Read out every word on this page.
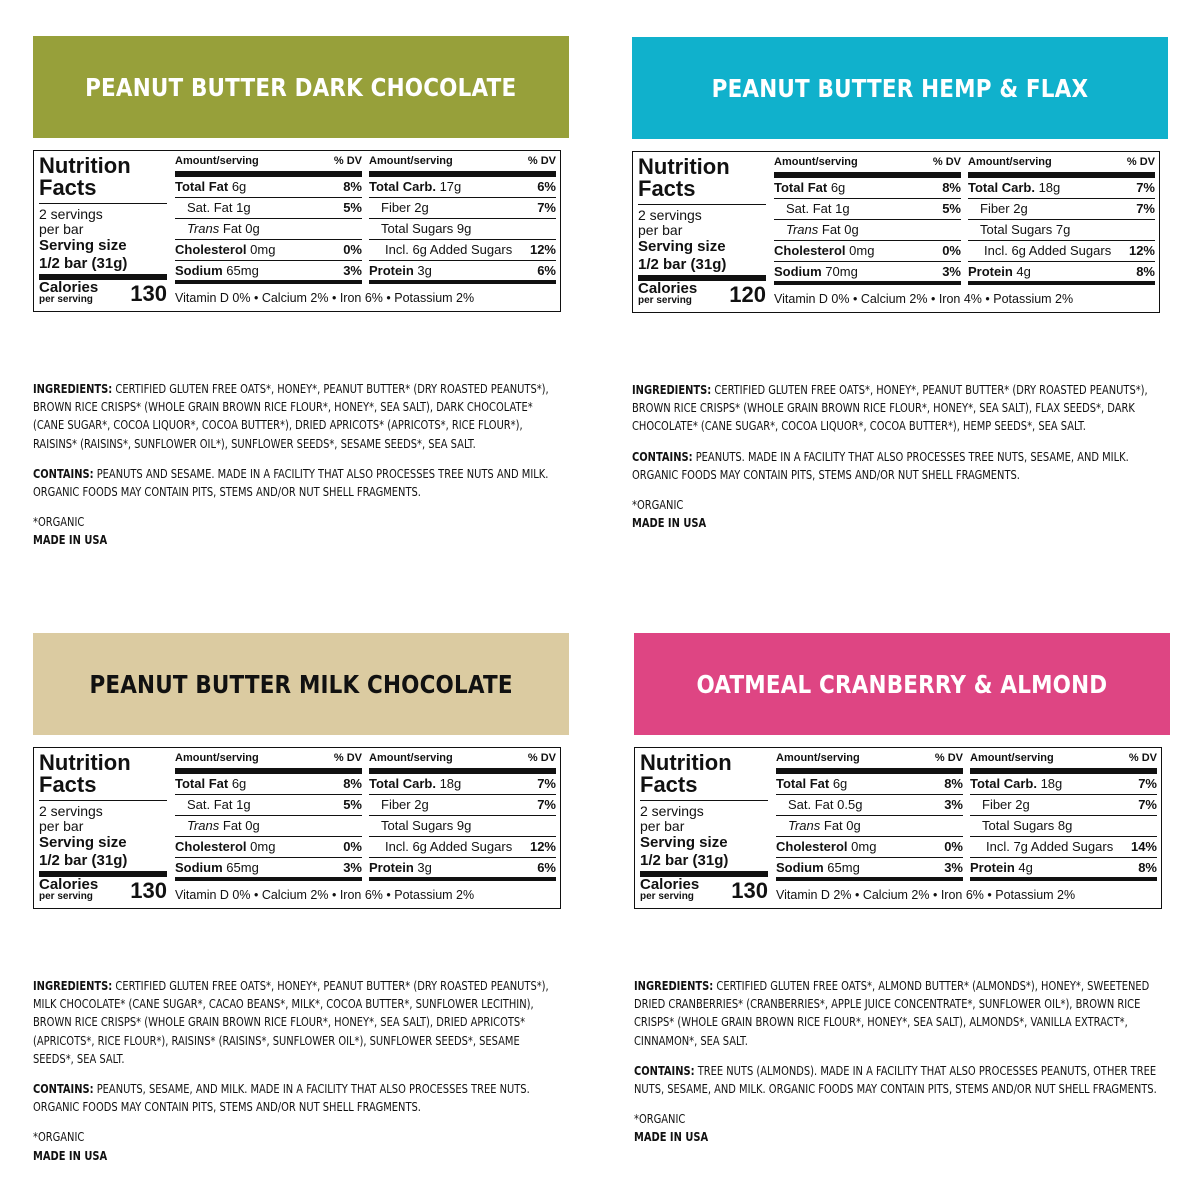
PEANUT BUTTER DARK CHOCOLATE
Nutrition
Facts
2 servings
per bar
Serving size
1/2 bar (31g)
Calories
per serving 130
Amount/serving	% DV
Total Fat 6g	8%
Sat. Fat 1g	5%
Trans Fat 0g
Cholesterol 0mg	0%
Sodium 65mg	3%
Amount/serving	% DV
Total Carb. 17g	6%
Fiber 2g	7%
Total Sugars 9g
Incl. 6g Added Sugars 12%
Protein 3g	6%
Vitamin D 0% • Calcium 2% • Iron 6% • Potassium 2%

INGREDIENTS: CERTIFIED GLUTEN FREE OATS*, HONEY*, PEANUT BUTTER* (DRY ROASTED PEANUTS*), BROWN RICE CRISPS* (WHOLE GRAIN BROWN RICE FLOUR*, HONEY*, SEA SALT), DARK CHOCOLATE* (CANE SUGAR*, COCOA LIQUOR*, COCOA BUTTER*), DRIED APRICOTS* (APRICOTS*, RICE FLOUR*), RAISINS* (RAISINS*, SUNFLOWER OIL*), SUNFLOWER SEEDS*, SESAME SEEDS*, SEA SALT.

CONTAINS: PEANUTS AND SESAME. MADE IN A FACILITY THAT ALSO PROCESSES TREE NUTS AND MILK. ORGANIC FOODS MAY CONTAIN PITS, STEMS AND/OR NUT SHELL FRAGMENTS.

*ORGANIC
MADE IN USA
PEANUT BUTTER HEMP & FLAX
Nutrition
Facts
2 servings
per bar
Serving size
1/2 bar (31g)
Calories
per serving 120
Amount/serving	% DV
Total Fat 6g	8%
Sat. Fat 1g	5%
Trans Fat 0g
Cholesterol 0mg	0%
Sodium 70mg	3%
Amount/serving	% DV
Total Carb. 18g	7%
Fiber 2g	7%
Total Sugars 7g
Incl. 6g Added Sugars 12%
Protein 4g	8%
Vitamin D 0% • Calcium 2% • Iron 4% • Potassium 2%

INGREDIENTS: CERTIFIED GLUTEN FREE OATS*, HONEY*, PEANUT BUTTER* (DRY ROASTED PEANUTS*), BROWN RICE CRISPS* (WHOLE GRAIN BROWN RICE FLOUR*, HONEY*, SEA SALT), FLAX SEEDS*, DARK CHOCOLATE* (CANE SUGAR*, COCOA LIQUOR*, COCOA BUTTER*), HEMP SEEDS*, SEA SALT.

CONTAINS: PEANUTS. MADE IN A FACILITY THAT ALSO PROCESSES TREE NUTS, SESAME, AND MILK. ORGANIC FOODS MAY CONTAIN PITS, STEMS AND/OR NUT SHELL FRAGMENTS.

*ORGANIC
MADE IN USA
PEANUT BUTTER MILK CHOCOLATE
Nutrition
Facts
2 servings
per bar
Serving size
1/2 bar (31g)
Calories
per serving 130
Amount/serving	% DV
Total Fat 6g	8%
Sat. Fat 1g	5%
Trans Fat 0g
Cholesterol 0mg	0%
Sodium 65mg	3%
Amount/serving	% DV
Total Carb. 18g	7%
Fiber 2g	7%
Total Sugars 9g
Incl. 6g Added Sugars 12%
Protein 3g	6%
Vitamin D 0% • Calcium 2% • Iron 6% • Potassium 2%

INGREDIENTS: CERTIFIED GLUTEN FREE OATS*, HONEY*, PEANUT BUTTER* (DRY ROASTED PEANUTS*), MILK CHOCOLATE* (CANE SUGAR*, CACAO BEANS*, MILK*, COCOA BUTTER*, SUNFLOWER LECITHIN), BROWN RICE CRISPS* (WHOLE GRAIN BROWN RICE FLOUR*, HONEY*, SEA SALT), DRIED APRICOTS* (APRICOTS*, RICE FLOUR*), RAISINS* (RAISINS*, SUNFLOWER OIL*), SUNFLOWER SEEDS*, SESAME SEEDS*, SEA SALT.

CONTAINS: PEANUTS, SESAME, AND MILK. MADE IN A FACILITY THAT ALSO PROCESSES TREE NUTS. ORGANIC FOODS MAY CONTAIN PITS, STEMS AND/OR NUT SHELL FRAGMENTS.

*ORGANIC
MADE IN USA
OATMEAL CRANBERRY & ALMOND
Nutrition
Facts
2 servings
per bar
Serving size
1/2 bar (31g)
Calories
per serving 130
Amount/serving	% DV
Total Fat 6g	8%
Sat. Fat 0.5g	3%
Trans Fat 0g
Cholesterol 0mg	0%
Sodium 65mg	3%
Amount/serving	% DV
Total Carb. 18g	7%
Fiber 2g	7%
Total Sugars 8g
Incl. 7g Added Sugars 14%
Protein 4g	8%
Vitamin D 2% • Calcium 2% • Iron 6% • Potassium 2%

INGREDIENTS: CERTIFIED GLUTEN FREE OATS*, ALMOND BUTTER* (ALMONDS*), HONEY*, SWEETENED DRIED CRANBERRIES* (CRANBERRIES*, APPLE JUICE CONCENTRATE*, SUNFLOWER OIL*), BROWN RICE CRISPS* (WHOLE GRAIN BROWN RICE FLOUR*, HONEY*, SEA SALT), ALMONDS*, VANILLA EXTRACT*, CINNAMON*, SEA SALT.

CONTAINS: TREE NUTS (ALMONDS). MADE IN A FACILITY THAT ALSO PROCESSES PEANUTS, OTHER TREE NUTS, SESAME, AND MILK. ORGANIC FOODS MAY CONTAIN PITS, STEMS AND/OR NUT SHELL FRAGMENTS.

*ORGANIC
MADE IN USA
